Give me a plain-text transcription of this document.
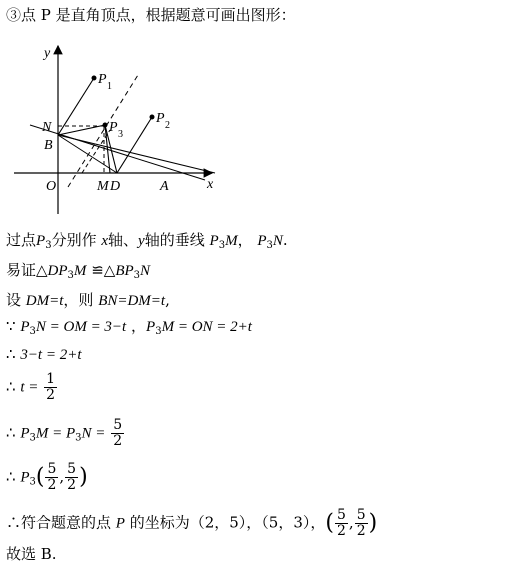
③点 P 是直角顶点，根据题意可画出图形：
y
x
O
N
B
M D	A
P 1
P 2
P 3
过点$P_3$分别作 x轴、y轴的垂线 $P_3M$， $P_3N$.
易证$\triangle DP_3M$ $≌\triangle BP_3N$
设 DM=t，则 BN=DM=t,
∵ $P_3N$ = OM = 3−t ，$P_3M$ = ON = 2+t
∴ 3−t = 2+t
∴ $t = \frac{1}{2}$
∴ $P_3M = P_3N = \frac{5}{2}$
∴ $P_3( \frac{5}{2}$ , $\frac{5}{2}$ )
∴符合题意的点 P 的坐标为（2，5），（5，3），( $\frac{5}{2}$ , $\frac{5}{2}$ )
故选 B.
